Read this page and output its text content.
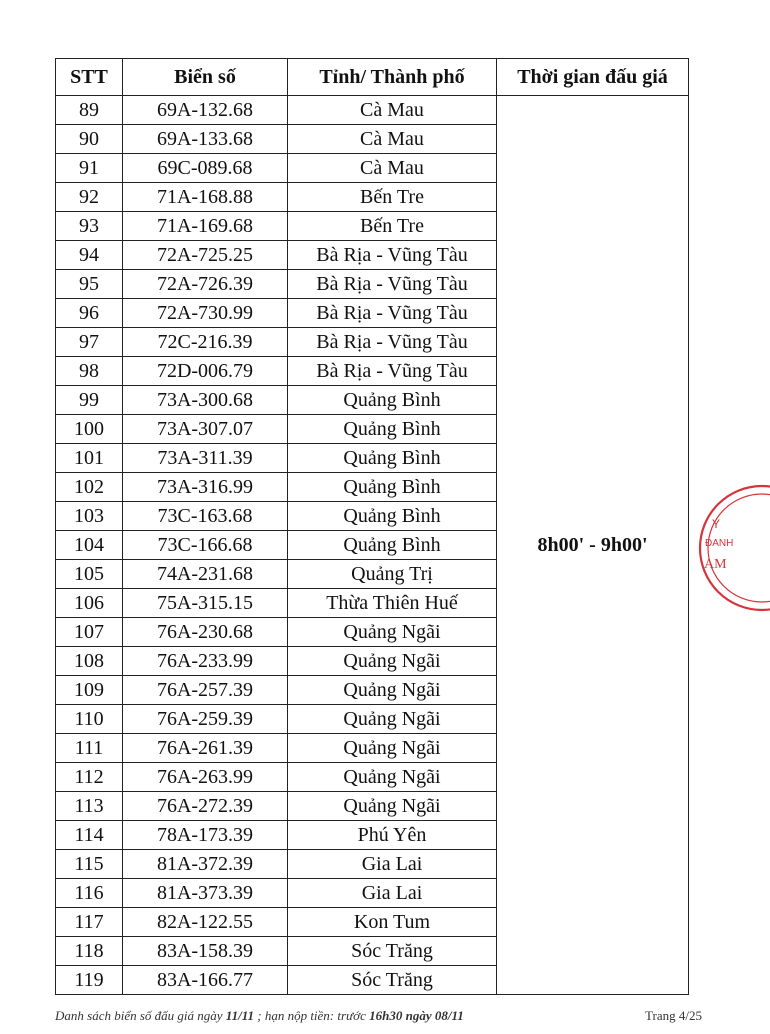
STT	Biển số	Tỉnh/ Thành phố	Thời gian đấu giá
89	69A-132.68	Cà Mau	8h00' - 9h00'
90	69A-133.68	Cà Mau	
91	69C-089.68	Cà Mau	
92	71A-168.88	Bến Tre	
93	71A-169.68	Bến Tre	
94	72A-725.25	Bà Rịa - Vũng Tàu	
95	72A-726.39	Bà Rịa - Vũng Tàu	
96	72A-730.99	Bà Rịa - Vũng Tàu	
97	72C-216.39	Bà Rịa - Vũng Tàu	
98	72D-006.79	Bà Rịa - Vũng Tàu	
99	73A-300.68	Quảng Bình	
100	73A-307.07	Quảng Bình	
101	73A-311.39	Quảng Bình	
102	73A-316.99	Quảng Bình	
103	73C-163.68	Quảng Bình	
104	73C-166.68	Quảng Bình	
105	74A-231.68	Quảng Trị	
106	75A-315.15	Thừa Thiên Huế	
107	76A-230.68	Quảng Ngãi	
108	76A-233.99	Quảng Ngãi	
109	76A-257.39	Quảng Ngãi	
110	76A-259.39	Quảng Ngãi	
111	76A-261.39	Quảng Ngãi	
112	76A-263.99	Quảng Ngãi	
113	76A-272.39	Quảng Ngãi	
114	78A-173.39	Phú Yên	
115	81A-372.39	Gia Lai	
116	81A-373.39	Gia Lai	
117	82A-122.55	Kon Tum	
118	83A-158.39	Sóc Trăng	
119	83A-166.77	Sóc Trăng	
Danh sách biển số đấu giá ngày 11/11 ; hạn nộp tiền: trước 16h30 ngày 08/11	Trang 4/25
Y
ĐANH
AM
